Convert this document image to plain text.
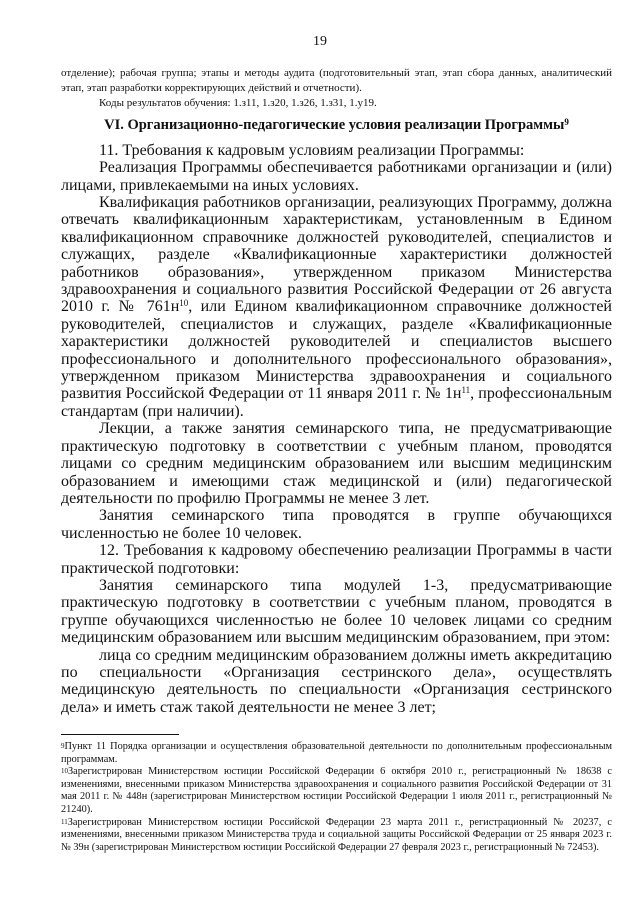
19

отделение); рабочая группа; этапы и методы аудита (подготовительный этап, этап сбора данных, аналитический этап, этап разработки корректирующих действий и отчетности).

Коды результатов обучения: 1.з11, 1.з20, 1.з26, 1.з31, 1.у19.

VI. Организационно-педагогические условия реализации Программы$^9$

11. Требования к кадровым условиям реализации Программы:

Реализация Программы обеспечивается работниками организации и (или) лицами, привлекаемыми на иных условиях.

Квалификация работников организации, реализующих Программу, должна отвечать квалификационным характеристикам, установленным в Едином квалификационном справочнике должностей руководителей, специалистов и служащих, разделе «Квалификационные характеристики должностей работников образования», утвержденном приказом Министерства здравоохранения и социального развития Российской Федерации от 26 августа 2010 г. № $761н^{10}$, или Едином квалификационном справочнике должностей руководителей, специалистов и служащих, разделе «Квалификационные характеристики должностей руководителей и специалистов высшего профессионального и дополнительного профессионального образования», утвержденном приказом Министерства здравоохранения и социального развития Российской Федерации от 11 января 2011 г. № $1н^{11}$, профессиональным стандартам (при наличии).

Лекции, а также занятия семинарского типа, не предусматривающие практическую подготовку в соответствии с учебным планом, проводятся лицами со средним медицинским образованием или высшим медицинским образованием и имеющими стаж медицинской и (или) педагогической деятельности по профилю Программы не менее 3 лет.

Занятия семинарского типа проводятся в группе обучающихся численностью не более 10 человек.

12. Требования к кадровому обеспечению реализации Программы в части практической подготовки:

Занятия семинарского типа модулей 1-3, предусматривающие практическую подготовку в соответствии с учебным планом, проводятся в группе обучающихся численностью не более 10 человек лицами со средним медицинским образованием или высшим медицинским образованием, при этом:

лица со средним медицинским образованием должны иметь аккредитацию по специальности «Организация сестринского дела», осуществлять медицинскую деятельность по специальности «Организация сестринского дела» и иметь стаж такой деятельности не менее 3 лет;

$^9$Пункт 11 Порядка организации и осуществления образовательной деятельности по дополнительным профессиональным программам.

$^{10}$Зарегистрирован Министерством юстиции Российской Федерации 6 октября 2010 г., регистрационный № 18638 с изменениями, внесенными приказом Министерства здравоохранения и социального развития Российской Федерации от 31 мая 2011 г. № 448н (зарегистрирован Министерством юстиции Российской Федерации 1 июля 2011 г., регистрационный № 21240).

$^{11}$Зарегистрирован Министерством юстиции Российской Федерации 23 марта 2011 г., регистрационный № 20237, с изменениями, внесенными приказом Министерства труда и социальной защиты Российской Федерации от 25 января 2023 г. № 39н (зарегистрирован Министерством юстиции Российской Федерации 27 февраля 2023 г., регистрационный № 72453).
